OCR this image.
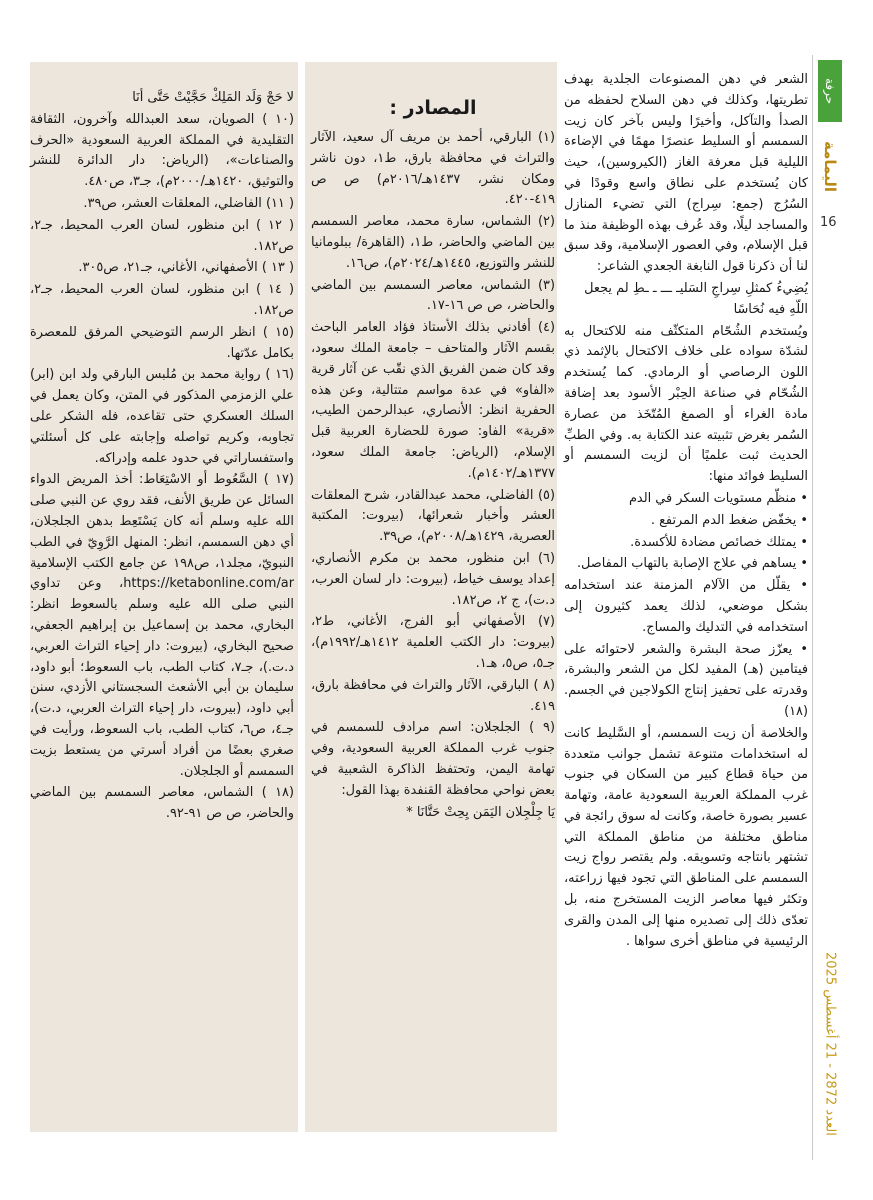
حرفة
اليمامة
16
العدد 2872 - 21 أغسطس 2025

الشعر في دهن المصنوعات الجلدية بهدف تطريتها، وكذلك في دهن السلاح لحفظه من الصدأ والتآكل، وأخيرًا وليس بآخر كان زيت السمسم أو السليط عنصرًا مهمًا في الإضاءة الليلية قبل معرفة الغاز (الكيروسين)، حيث كان يُستخدم على نطاق واسع وقودًا في السُرُج (جمع: سِراج) التي تضيء المنازل والمساجد ليلًا، وقد عُرف بهذه الوظيفة منذ ما قبل الإسلام، وفي العصور الإسلامية، وقد سبق لنا أن ذكرنا قول النابغة الجعدي الشاعر:

يُضِيءُ كمثلِ سِراجِ السَليـ ـــ ـ ـطِ لم يجعل اللّهِ فيه نُحَاسًا

ويُستخدم الشُحّام المتكثّف منه للاكتحال به لشدّة سواده على خلاف الاكتحال بالإثمد ذي اللون الرصاصي أو الرمادي. كما يُستخدم الشُحّام في صناعة الحِبْر الأسود بعد إضافة مادة الغراء أو الصمغ المُتّخَذ من عصارة السُمر بغرض تثبيته عند الكتابة به. وفي الطبِّ الحديث ثبت علميًا أن لزيت السمسم أو السليط فوائد منها:

• منظّم مستويات السكر في الدم

• يخفّض ضغط الدم المرتفع .

• يمتلك خصائص مضادة للأكسدة.

• يساهم في علاج الإصابة بالتهاب المفاصل.

• يقلّل من الآلام المزمنة عند استخدامه بشكل موضعي، لذلك يعمد كثيرون إلى استخدامه في التدليك والمساج.

• يعزّز صحة البشرة والشعر لاحتوائه على فيتامين (هـ) المفيد لكل من الشعر والبشرة، وقدرته على تحفيز إنتاج الكولاجين في الجسم. (١٨)

والخلاصة أن زيت السمسم، أو السَّليط كانت له استخدامات متنوعة تشمل جوانب متعددة من حياة قطاع كبير من السكان في جنوب غرب المملكة العربية السعودية عامة، وتهامة عسير بصورة خاصة، وكانت له سوق رائجة في مناطق مختلفة من مناطق المملكة التي تشتهر بانتاجه وتسويقه. ولم يقتصر رواج زيت السمسم على المناطق التي تجود فيها زراعته، وتكثر فيها معاصر الزيت المستخرج منه، بل تعدّى ذلك إلى تصديره منها إلى المدن والقرى الرئيسية في مناطق أخرى سواها .

المصادر :

(١) البارقي، أحمد بن مريف آل سعيد، الآثار والتراث في محافظة بارق، ط١، دون ناشر ومكان نشر، ١٤٣٧هـ/٢٠١٦م) ص ص ٤١٩-٤٢٠.

(٢) الشماس، سارة محمد، معاصر السمسم بين الماضي والحاضر، ط١، (القاهرة/ ببلومانيا للنشر والتوزيع، ١٤٤٥هـ/٢٠٢٤م)، ص١٦.

(٣) الشماس، معاصر السمسم بين الماضي والحاضر، ص ص ١٦-١٧.

(٤) أفادني بذلك الأستاذ فؤاد العامر الباحث بقسم الآثار والمتاحف – جامعة الملك سعود، وقد كان ضمن الفريق الذي نقّب عن آثار قرية «الفاو» في عدة مواسم متتالية، وعن هذه الحفرية انظر: الأنصاري، عبدالرحمن الطيب، «قرية» الفاو: صورة للحضارة العربية قبل الإسلام، (الرياض: جامعة الملك سعود، ١٣٧٧هـ/١٤٠٢م).

(٥) الفاضلي، محمد عبدالقادر، شرح المعلقات العشر وأخبار شعرائها، (بيروت: المكتبة العصرية، ١٤٢٩هـ/٢٠٠٨م)، ص٣٩.

(٦) ابن منظور، محمد بن مكرم الأنصاري، إعداد يوسف خياط، (بيروت: دار لسان العرب، د.ت)، ج ٢، ص١٨٢.

(٧) الأصفهاني أبو الفرج، الأغاني، ط٢، (بيروت: دار الكتب العلمية ١٤١٢هـ/١٩٩٢م)، جـ٥، ص٥، هـ١.

(٨ ) البارقي، الآثار والتراث في محافظة بارق، ٤١٩.

(٩ ) الجلجلان: اسم مرادف للسمسم في جنوب غرب المملكة العربية السعودية، وفي تهامة اليمن، وتحتفظ الذاكرة الشعبية في بعض نواحي محافظة القنفدة بهذا القول:

يَا جِلْجِلان اليَمَن يِحِتْ حَتَّانَا *

لا حَجْ وَلَد المَلِكْ حَجَّيْتْ حَتَّى أنَا

(١٠ ) الصويان، سعد العبدالله وآخرون، الثقافة التقليدية في المملكة العربية السعودية «الحرف والصناعات»، (الرياض: دار الدائرة للنشر والتوثيق، ١٤٢٠هـ/٢٠٠٠م)، جـ٣، ص٤٨٠.

( ١١) الفاضلي، المعلقات العشر، ص٣٩.

( ١٢ ) ابن منظور، لسان العرب المحيط، جـ٢، ص١٨٢.

( ١٣ ) الأصفهاني، الأغاني، جـ٢١، ص٣٠٥.

( ١٤ ) ابن منظور، لسان العرب المحيط، جـ٢، ص١٨٢.

(١٥ ) انظر الرسم التوضيحي المرفق للمعصرة بكامل عدّتها.

(١٦ ) رواية محمد بن مُلبس البارقي ولد ابن (ابر) علي الزمزمي المذكور في المتن، وكان يعمل في السلك العسكري حتى تقاعده، فله الشكر على تجاوبه، وكريم تواصله وإجابته على كل أسئلتي واستفساراتي في حدود علمه وإدراكه.

(١٧ ) السَّعُوط أو الاسْتِعَاط: أخذ المريض الدواء السائل عن طريق الأنف، فقد روي عن النبي صلى الله عليه وسلم أنه كان يَسْتَعِط بدهن الجلجلان، أي دهن السمسم، انظر: المنهل الرَّوِيّ في الطب النبويّ، مجلد١، ص١٩٨ عن جامع الكتب الإسلامية https://ketabonline.com/ar، وعن تداوي النبي صلى الله عليه وسلم بالسعوط انظر: البخاري، محمد بن إسماعيل بن إبراهيم الجعفي، صحيح البخاري، (بيروت: دار إحياء التراث العربي، د.ت.)، جـ٧، كتاب الطب، باب السعوط؛ أبو داود، سليمان بن أبي الأشعث السجستاني الأزدي، سنن أبي داود، (بيروت، دار إحياء التراث العربي، د.ت)، جـ٤، ص٦، كتاب الطب، باب السعوط، ورأيت في صغري بعضًا من أفراد أسرتي من يستعط بزيت السمسم أو الجلجلان.

(١٨ ) الشماس، معاصر السمسم بين الماضي والحاضر، ص ص ٩١-٩٢.
